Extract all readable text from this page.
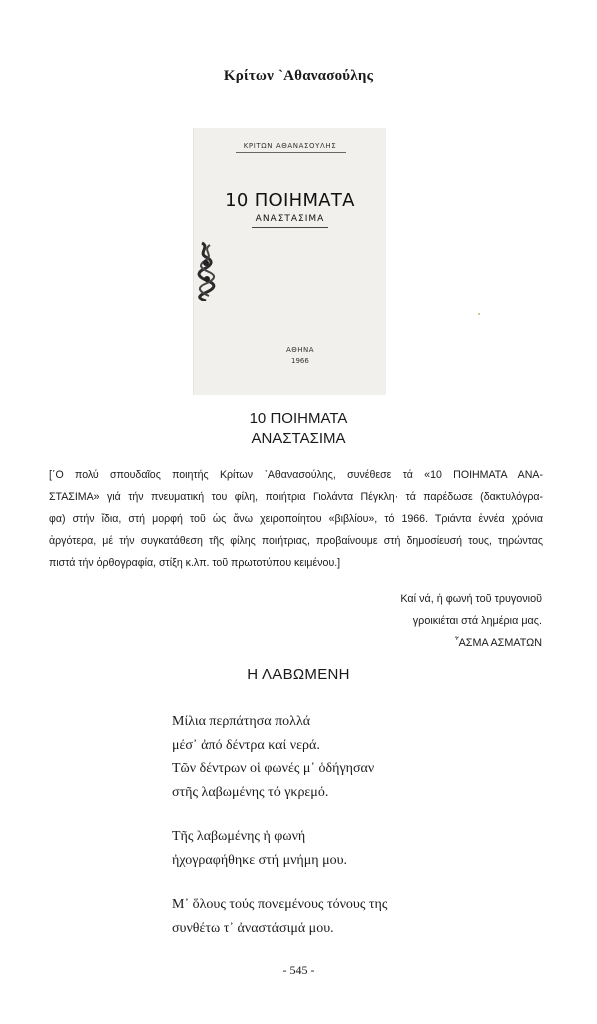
Κρίτων `Αθανασούλης
ΚΡΙΤΩΝ ΑΘΑΝΑΣΟΥΛΗΣ
10 ΠΟΙΗΜΑΤΑ
ΑΝΑΣΤΑΣΙΜΑ
ΑΘΗΝΑ
1966
10 ΠΟΙΗΜΑΤΑ
ΑΝΑΣΤΑΣΙΜΑ
[῾Ο πολύ σπουδαῖος ποιητής Κρίτων ᾿Αθανασούλης, συνέθεσε τά «10 ΠΟΙΗΜΑΤΑ ΑΝΑ-
ΣΤΑΣΙΜΑ» γιά τήν πνευματική του φίλη, ποιήτρια Γιολάντα Πέγκλη· τά παρέδωσε (δακτυλόγρα-
φα) στήν ἴδια, στή μορφή τοῦ ὡς ἄνω χειροποίητου «βιβλίου», τό 1966. Τριάντα ἐννέα χρόνια
ἀργότερα, μέ τήν συγκατάθεση τῆς φίλης ποιήτριας, προβαίνουμε στή δημοσίευσή τους, τηρώντας
πιστά τήν ὀρθογραφία, στίξη κ.λπ. τοῦ πρωτοτύπου κειμένου.]
Καί νά, ἡ φωνή τοῦ τρυγονιοῦ
γροικιέται στά λημέρια μας.
῏ΑΣΜΑ ΑΣΜΑΤΩΝ
Η ΛΑΒΩΜΕΝΗ
Μίλια περπάτησα πολλά
μέσ᾿ ἀπό δέντρα καί νερά.
Τῶν δέντρων οἱ φωνές μ᾿ ὁδήγησαν
στῆς λαβωμένης τό γκρεμό.
Τῆς λαβωμένης ἡ φωνή
ἠχογραφήθηκε στή μνήμη μου.
Μ᾿ ὅλους τούς πονεμένους τόνους της
συνθέτω τ᾿ ἀναστάσιμά μου.
- 545 -
